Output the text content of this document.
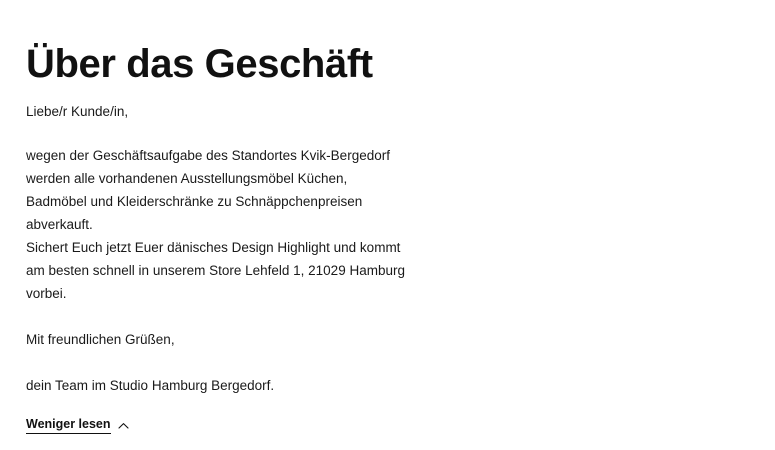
Über das Geschäft

Liebe/r Kunde/in,

wegen der Geschäftsaufgabe des Standortes Kvik-Bergedorf

werden alle vorhandenen Ausstellungsmöbel Küchen,

Badmöbel und Kleiderschränke zu Schnäppchenpreisen

abverkauft.

Sichert Euch jetzt Euer dänisches Design Highlight und kommt

am besten schnell in unserem Store Lehfeld 1, 21029 Hamburg

vorbei.

Mit freundlichen Grüßen,

dein Team im Studio Hamburg Bergedorf.

Weniger lesen
